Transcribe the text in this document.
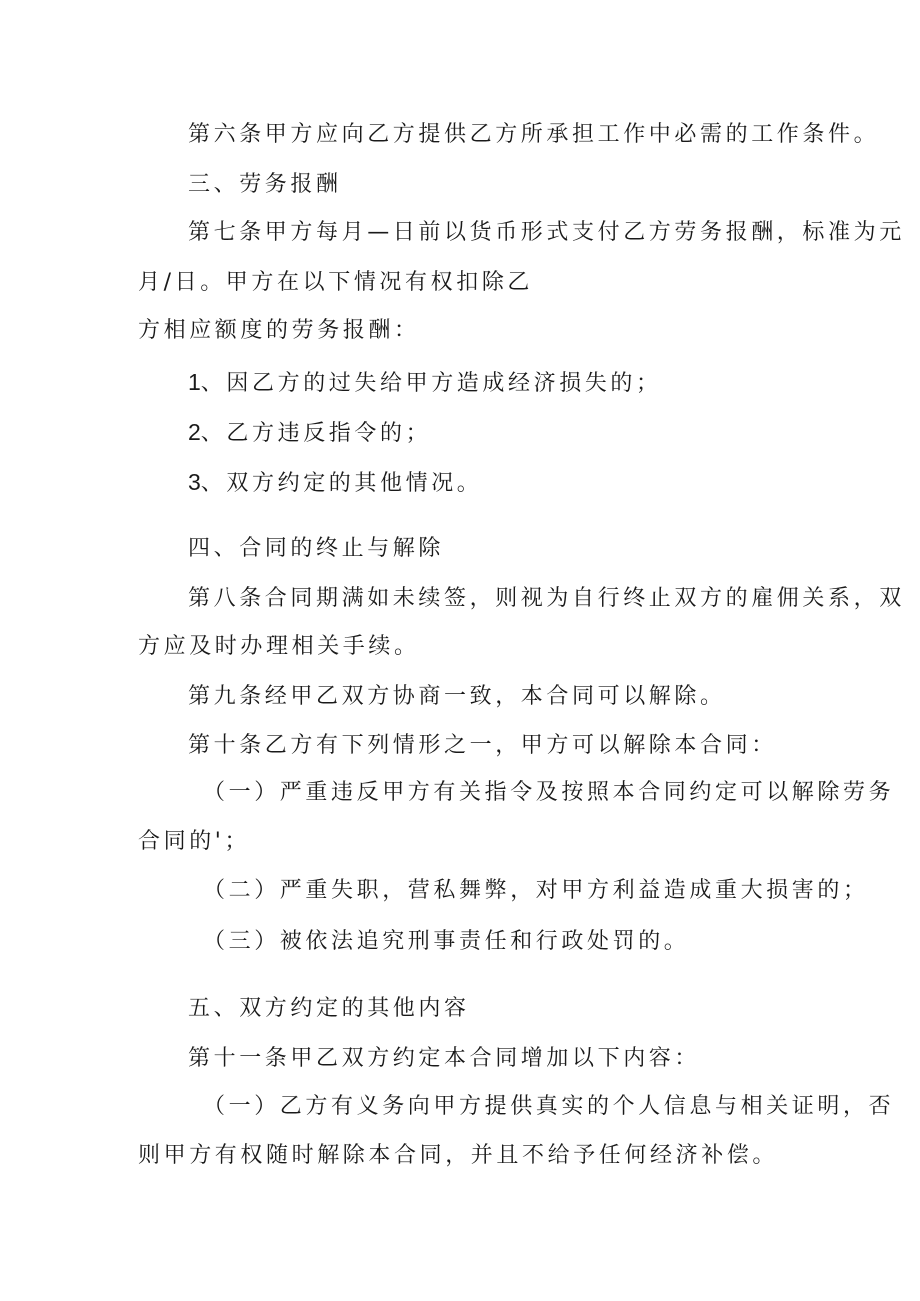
第六条甲方应向乙方提供乙方所承担工作中必需的工作条件。
三、劳务报酬
第七条甲方每月—日前以货币形式支付乙方劳务报酬，标准为元
月/日。甲方在以下情况有权扣除乙
方相应额度的劳务报酬：
1、因乙方的过失给甲方造成经济损失的；
2、乙方违反指令的；
3、双方约定的其他情况。
四、合同的终止与解除
第八条合同期满如未续签，则视为自行终止双方的雇佣关系，双
方应及时办理相关手续。
第九条经甲乙双方协商一致，本合同可以解除。
第十条乙方有下列情形之一，甲方可以解除本合同：
（一）严重违反甲方有关指令及按照本合同约定可以解除劳务
合同的'；
（二）严重失职，营私舞弊，对甲方利益造成重大损害的；
（三）被依法追究刑事责任和行政处罚的。
五、双方约定的其他内容
第十一条甲乙双方约定本合同增加以下内容：
（一）乙方有义务向甲方提供真实的个人信息与相关证明，否
则甲方有权随时解除本合同，并且不给予任何经济补偿。
